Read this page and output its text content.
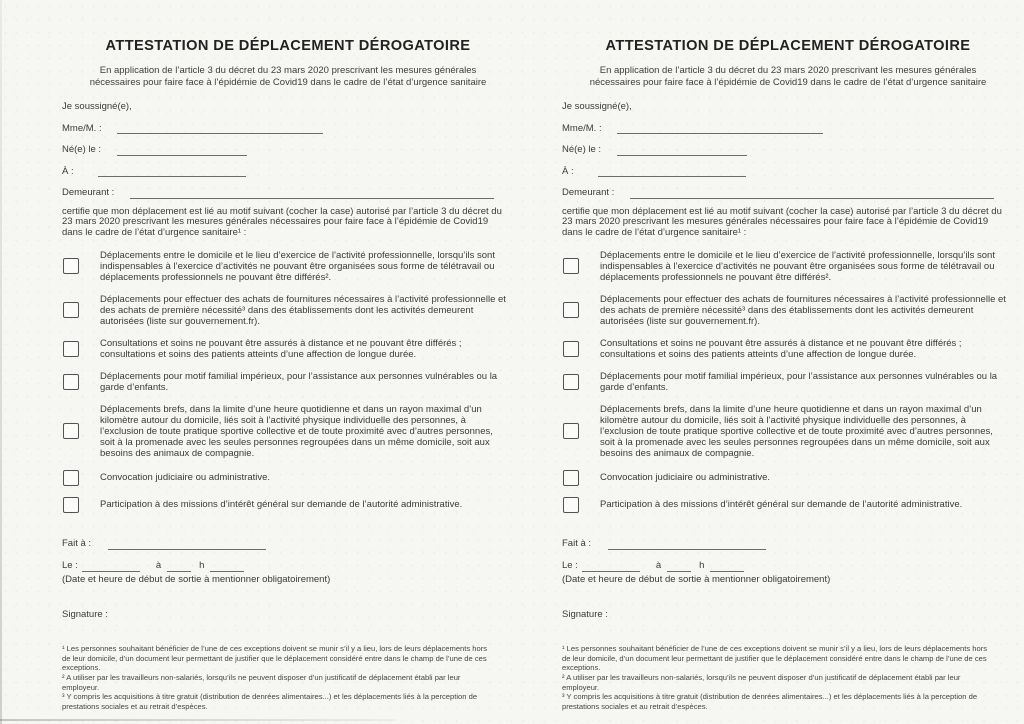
ATTESTATION DE DÉPLACEMENT DÉROGATOIRE
En application de l’article 3 du décret du 23 mars 2020 prescrivant les mesures générales nécessaires pour faire face à l’épidémie de Covid19 dans le cadre de l’état d’urgence sanitaire
Je soussigné(e),
Mme/M. :
Né(e) le :
À :
Demeurant :
certifie que mon déplacement est lié au motif suivant (cocher la case) autorisé par l’article 3 du décret du 23 mars 2020 prescrivant les mesures générales nécessaires pour faire face à l’épidémie de Covid19 dans le cadre de l’état d’urgence sanitaire¹ :
Déplacements entre le domicile et le lieu d’exercice de l’activité professionnelle, lorsqu’ils sont indispensables à l’exercice d’activités ne pouvant être organisées sous forme de télétravail ou déplacements professionnels ne pouvant être différés².
Déplacements pour effectuer des achats de fournitures nécessaires à l’activité professionnelle et des achats de première nécessité³ dans des établissements dont les activités demeurent autorisées (liste sur gouvernement.fr).
Consultations et soins ne pouvant être assurés à distance et ne pouvant être différés ; consultations et soins des patients atteints d’une affection de longue durée.
Déplacements pour motif familial impérieux, pour l’assistance aux personnes vulnérables ou la garde d’enfants.
Déplacements brefs, dans la limite d’une heure quotidienne et dans un rayon maximal d’un kilomètre autour du domicile, liés soit à l’activité physique individuelle des personnes, à l’exclusion de toute pratique sportive collective et de toute proximité avec d’autres personnes, soit à la promenade avec les seules personnes regroupées dans un même domicile, soit aux besoins des animaux de compagnie.
Convocation judiciaire ou administrative.
Participation à des missions d’intérêt général sur demande de l’autorité administrative.
Fait à :
Le :	à	h
(Date et heure de début de sortie à mentionner obligatoirement)
Signature :
¹ Les personnes souhaitant bénéficier de l’une de ces exceptions doivent se munir s’il y a lieu, lors de leurs déplacements hors de leur domicile, d’un document leur permettant de justifier que le déplacement considéré entre dans le champ de l’une de ces exceptions.
² A utiliser par les travailleurs non-salariés, lorsqu’ils ne peuvent disposer d’un justificatif de déplacement établi par leur employeur.
³ Y compris les acquisitions à titre gratuit (distribution de denrées alimentaires...) et les déplacements liés à la perception de prestations sociales et au retrait d’espèces.
ATTESTATION DE DÉPLACEMENT DÉROGATOIRE
En application de l’article 3 du décret du 23 mars 2020 prescrivant les mesures générales nécessaires pour faire face à l’épidémie de Covid19 dans le cadre de l’état d’urgence sanitaire
Je soussigné(e),
Mme/M. :
Né(e) le :
À :
Demeurant :
certifie que mon déplacement est lié au motif suivant (cocher la case) autorisé par l’article 3 du décret du 23 mars 2020 prescrivant les mesures générales nécessaires pour faire face à l’épidémie de Covid19 dans le cadre de l’état d’urgence sanitaire¹ :
Déplacements entre le domicile et le lieu d’exercice de l’activité professionnelle, lorsqu’ils sont indispensables à l’exercice d’activités ne pouvant être organisées sous forme de télétravail ou déplacements professionnels ne pouvant être différés².
Déplacements pour effectuer des achats de fournitures nécessaires à l’activité professionnelle et des achats de première nécessité³ dans des établissements dont les activités demeurent autorisées (liste sur gouvernement.fr).
Consultations et soins ne pouvant être assurés à distance et ne pouvant être différés ; consultations et soins des patients atteints d’une affection de longue durée.
Déplacements pour motif familial impérieux, pour l’assistance aux personnes vulnérables ou la garde d’enfants.
Déplacements brefs, dans la limite d’une heure quotidienne et dans un rayon maximal d’un kilomètre autour du domicile, liés soit à l’activité physique individuelle des personnes, à l’exclusion de toute pratique sportive collective et de toute proximité avec d’autres personnes, soit à la promenade avec les seules personnes regroupées dans un même domicile, soit aux besoins des animaux de compagnie.
Convocation judiciaire ou administrative.
Participation à des missions d’intérêt général sur demande de l’autorité administrative.
Fait à :
Le :	à	h
(Date et heure de début de sortie à mentionner obligatoirement)
Signature :
¹ Les personnes souhaitant bénéficier de l’une de ces exceptions doivent se munir s’il y a lieu, lors de leurs déplacements hors de leur domicile, d’un document leur permettant de justifier que le déplacement considéré entre dans le champ de l’une de ces exceptions.
² A utiliser par les travailleurs non-salariés, lorsqu’ils ne peuvent disposer d’un justificatif de déplacement établi par leur employeur.
³ Y compris les acquisitions à titre gratuit (distribution de denrées alimentaires...) et les déplacements liés à la perception de prestations sociales et au retrait d’espèces.
